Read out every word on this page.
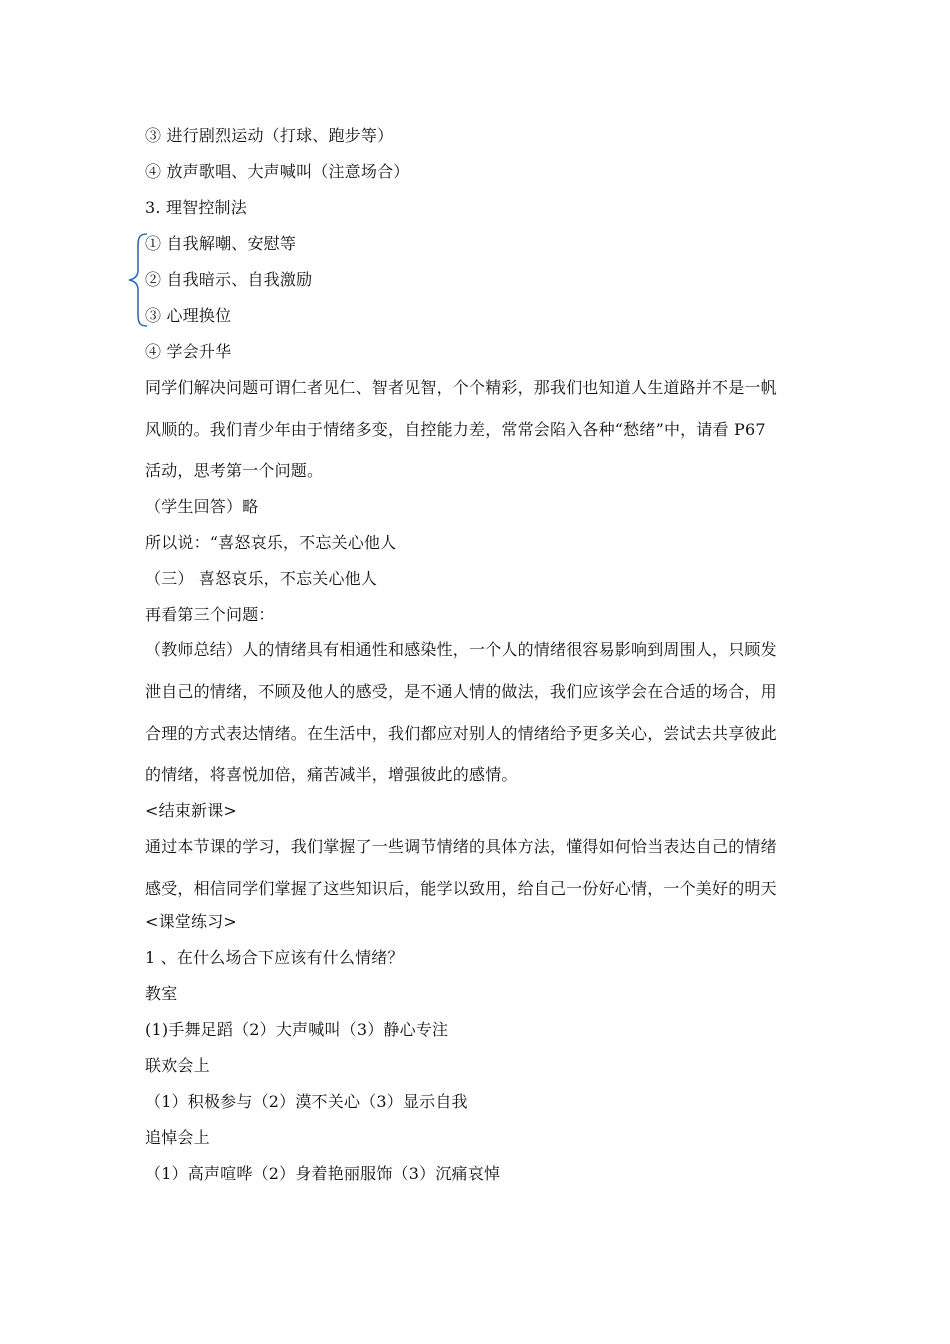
③ 进行剧烈运动（打球、跑步等）
④ 放声歌唱、大声喊叫（注意场合）
3. 理智控制法
① 自我解嘲、安慰等
② 自我暗示、自我激励
③ 心理换位
④ 学会升华
同学们解决问题可谓仁者见仁、智者见智，个个精彩，那我们也知道人生道路并不是一帆
风顺的。我们青少年由于情绪多变，自控能力差，常常会陷入各种“愁绪”中，请看 P67
活动，思考第一个问题。
（学生回答）略
所以说：“喜怒哀乐，不忘关心他人
（三） 喜怒哀乐，不忘关心他人
再看第三个问题：
（教师总结）人的情绪具有相通性和感染性，一个人的情绪很容易影响到周围人，只顾发
泄自己的情绪，不顾及他人的感受，是不通人情的做法，我们应该学会在合适的场合，用
合理的方式表达情绪。在生活中，我们都应对别人的情绪给予更多关心，尝试去共享彼此
的情绪，将喜悦加倍，痛苦减半，增强彼此的感情。
<结束新课>
通过本节课的学习，我们掌握了一些调节情绪的具体方法，懂得如何恰当表达自己的情绪
感受，相信同学们掌握了这些知识后，能学以致用，给自己一份好心情，一个美好的明天
<课堂练习>
1 、在什么场合下应该有什么情绪？
教室
(1)手舞足蹈（2）大声喊叫（3）静心专注
联欢会上
（1）积极参与（2）漠不关心（3）显示自我
追悼会上
（1）高声喧哗（2）身着艳丽服饰（3）沉痛哀悼
